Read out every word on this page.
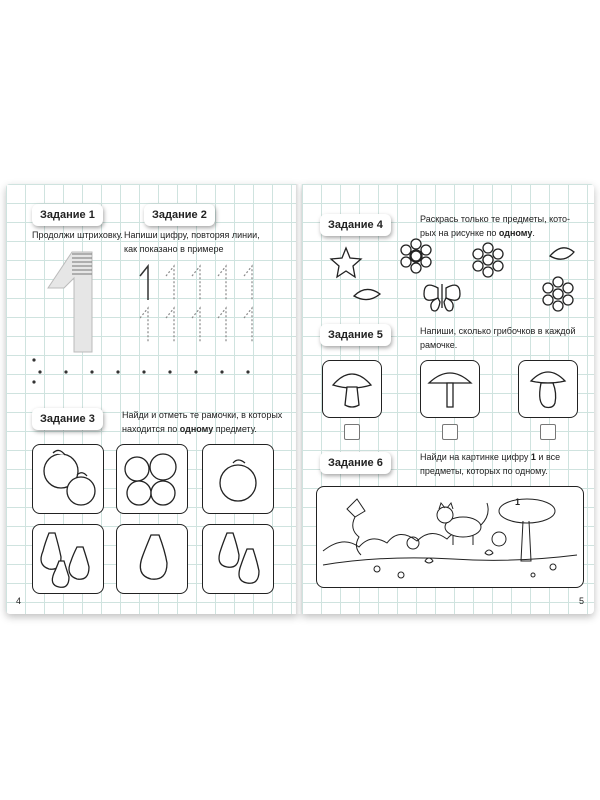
Задание 1
Продолжи штриховку.
Задание 2
Напиши цифру, повторяя линии,
как показано в примере
Задание 3	Найди и отметь те рамочки, в которых
находится по одному предмету.
4
Задание 4	Раскрась только те предметы, кото-
рых на рисунке по одному.
Задание 5	Напиши, сколько грибочков в каждой
рамочке.
Задание 6	Найди на картинке цифру 1 и все
предметы, которых по одному.
1
5
